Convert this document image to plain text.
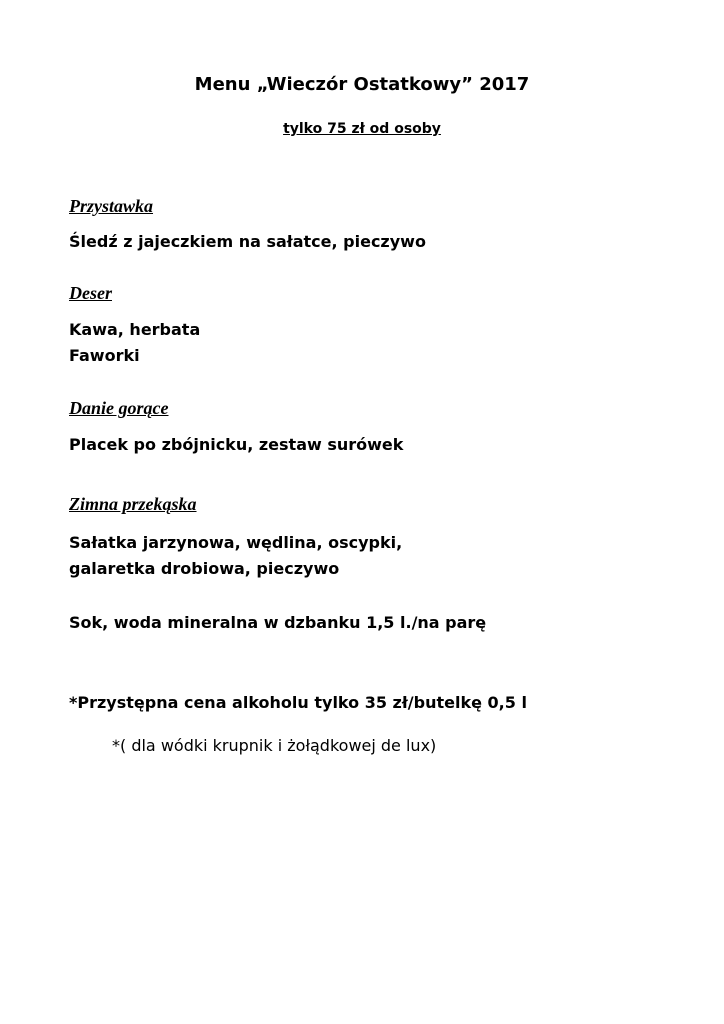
Menu „Wieczór Ostatkowy” 2017

tylko 75 zł od osoby

Przystawka

Śledź z jajeczkiem na sałatce, pieczywo

Deser

Kawa, herbata

Faworki

Danie gorące

Placek po zbójnicku, zestaw surówek

Zimna przekąska

Sałatka jarzynowa, wędlina, oscypki,

galaretka drobiowa, pieczywo

Sok, woda mineralna w dzbanku 1,5 l./na parę

*Przystępna cena alkoholu tylko 35 zł/butelkę 0,5 l

*( dla wódki krupnik i żołądkowej de lux)
